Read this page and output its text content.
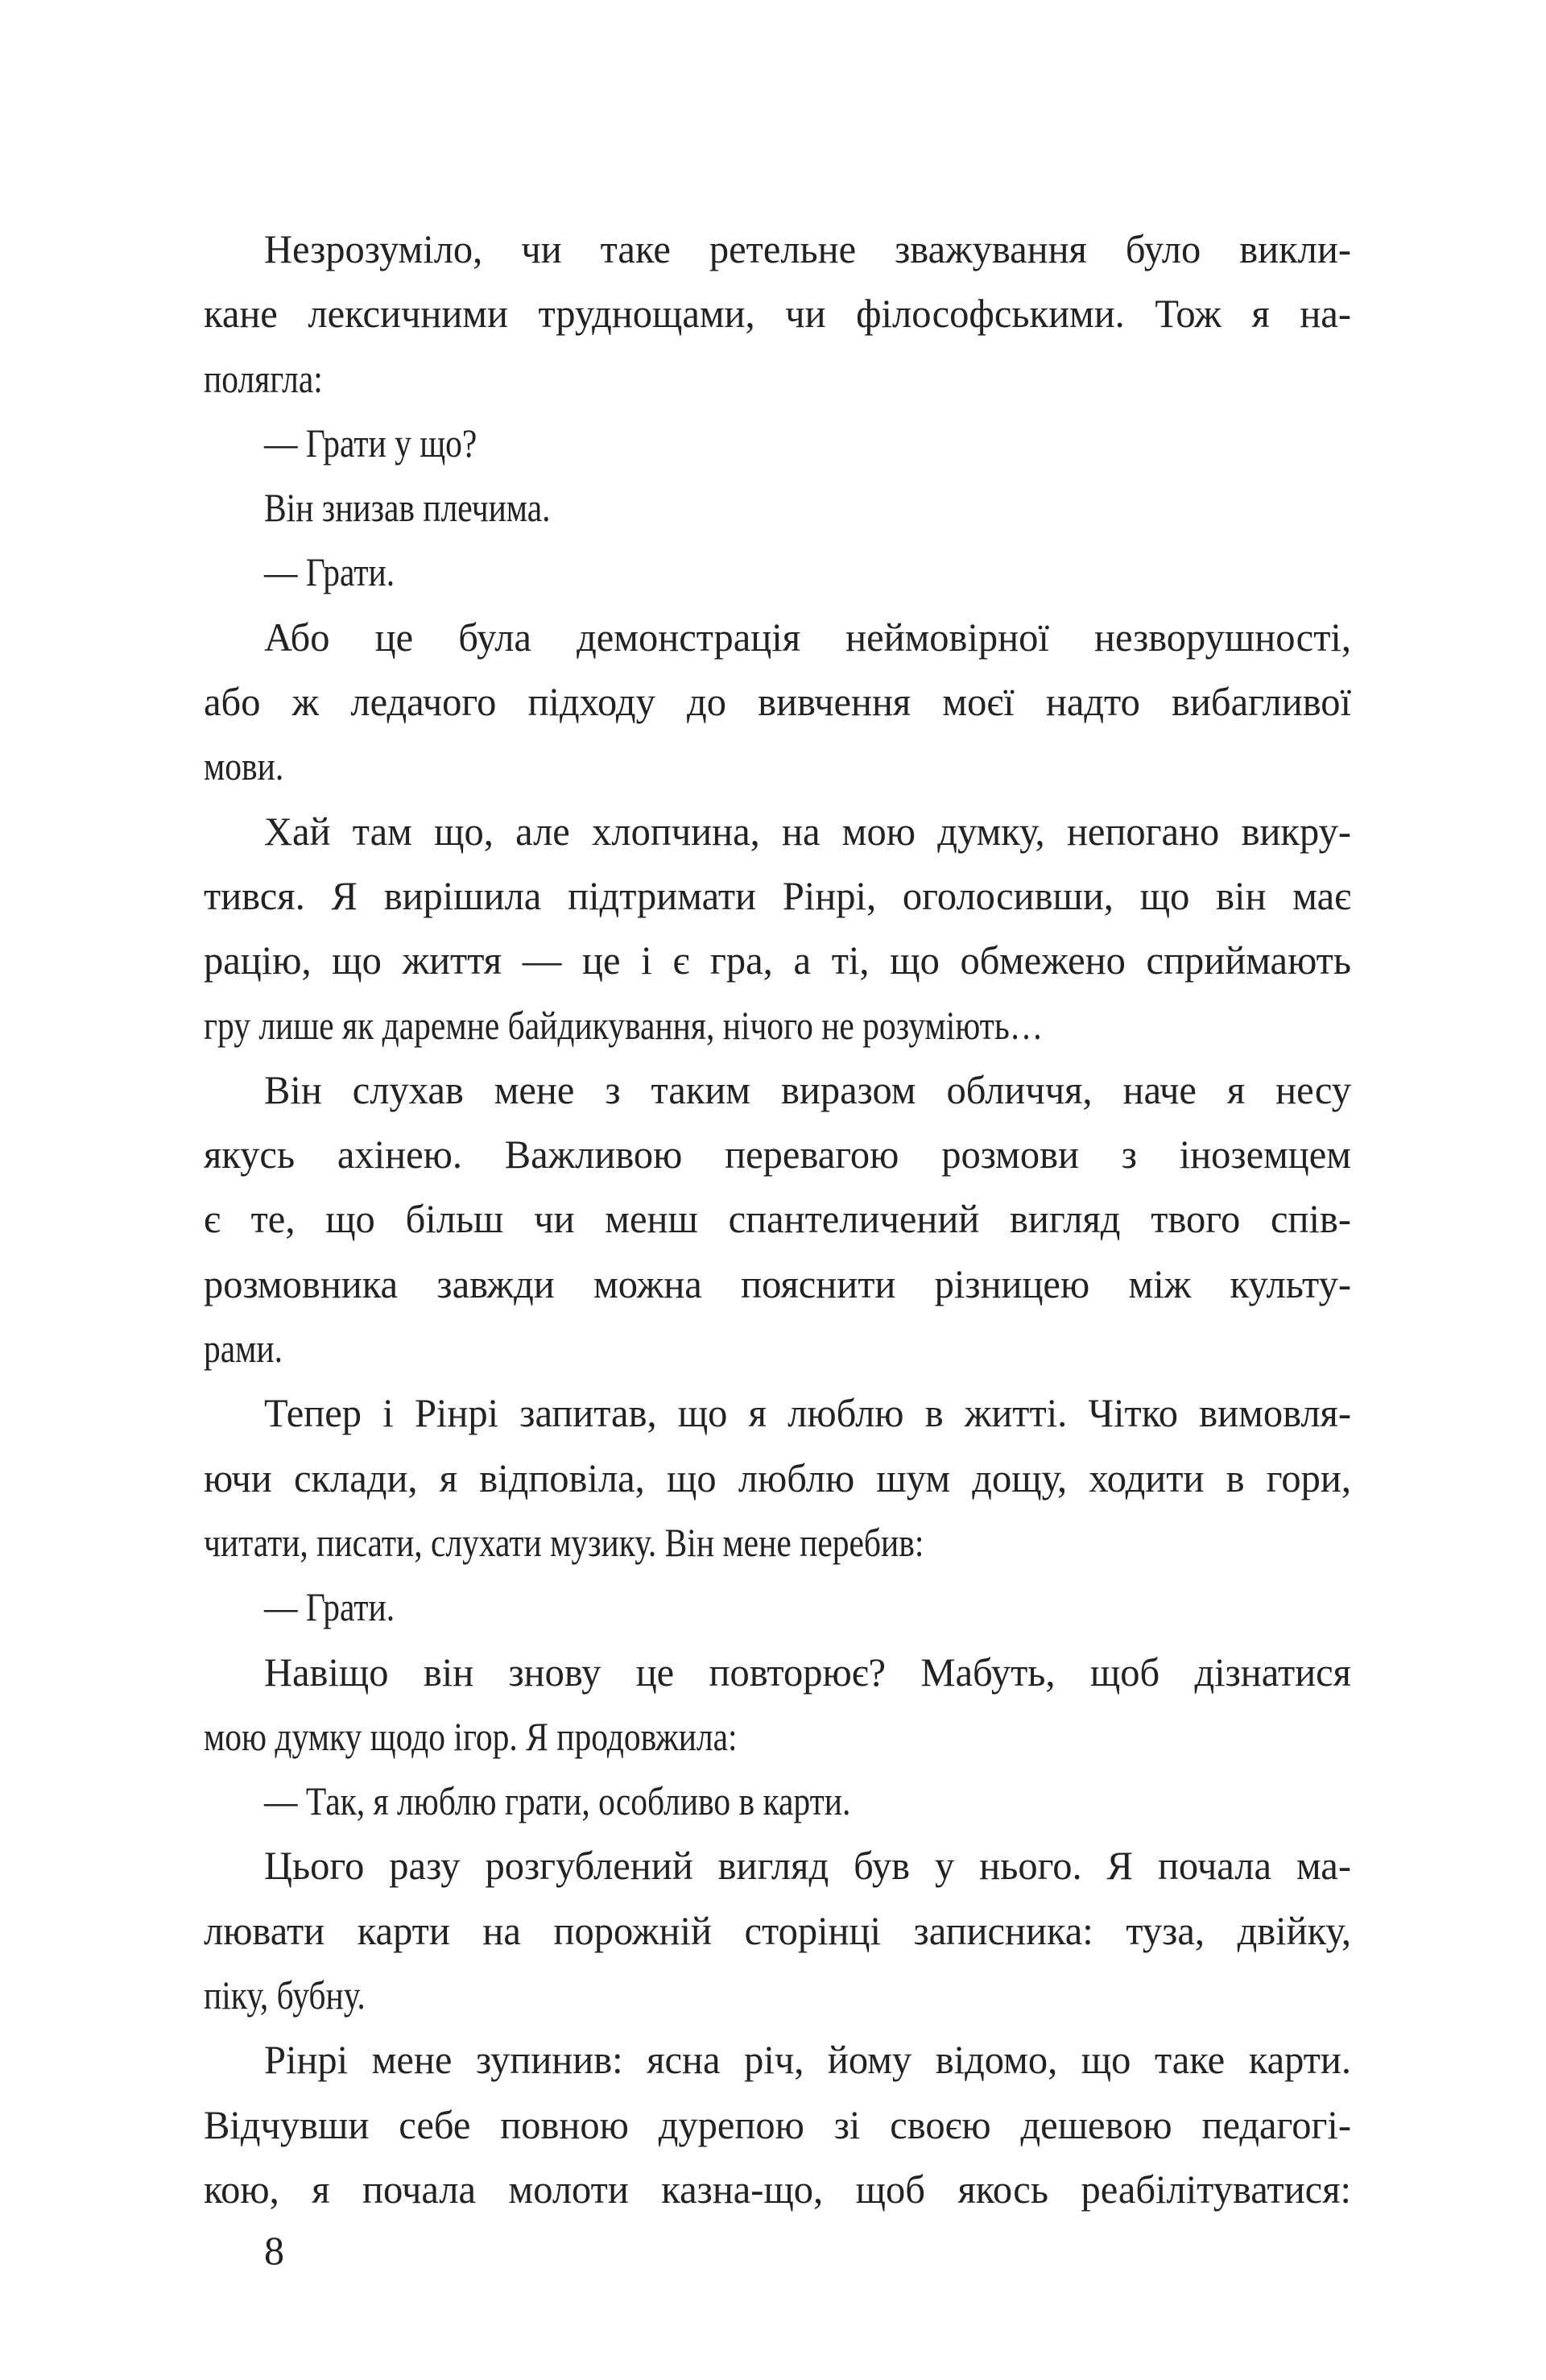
Незрозуміло, чи таке ретельне зважування було викли-
кане лексичними труднощами, чи філософськими. Тож я на-
полягла:
— Грати у що?
Він знизав плечима.
— Грати.
Або це була демонстрація неймовірної незворушності,
або ж ледачого підходу до вивчення моєї надто вибагливої
мови.
Хай там що, але хлопчина, на мою думку, непогано викру-
тився. Я вирішила підтримати Рінрі, оголосивши, що він має
рацію, що життя — це і є гра, а ті, що обмежено сприймають
гру лише як даремне байдикування, нічого не розуміють…
Він слухав мене з таким виразом обличчя, наче я несу
якусь ахінею. Важливою перевагою розмови з іноземцем
є те, що більш чи менш спантеличений вигляд твого спів-
розмовника завжди можна пояснити різницею між культу-
рами.
Тепер і Рінрі запитав, що я люблю в житті. Чітко вимовля-
ючи склади, я відповіла, що люблю шум дощу, ходити в гори,
читати, писати, слухати музику. Він мене перебив:
— Грати.
Навіщо він знову це повторює? Мабуть, щоб дізнатися
мою думку щодо ігор. Я продовжила:
— Так, я люблю грати, особливо в карти.
Цього разу розгублений вигляд був у нього. Я почала ма-
лювати карти на порожній сторінці записника: туза, двійку,
піку, бубну.
Рінрі мене зупинив: ясна річ, йому відомо, що таке карти.
Відчувши себе повною дурепою зі своєю дешевою педагогі-
кою, я почала молоти казна-що, щоб якось реабілітуватися:
8
